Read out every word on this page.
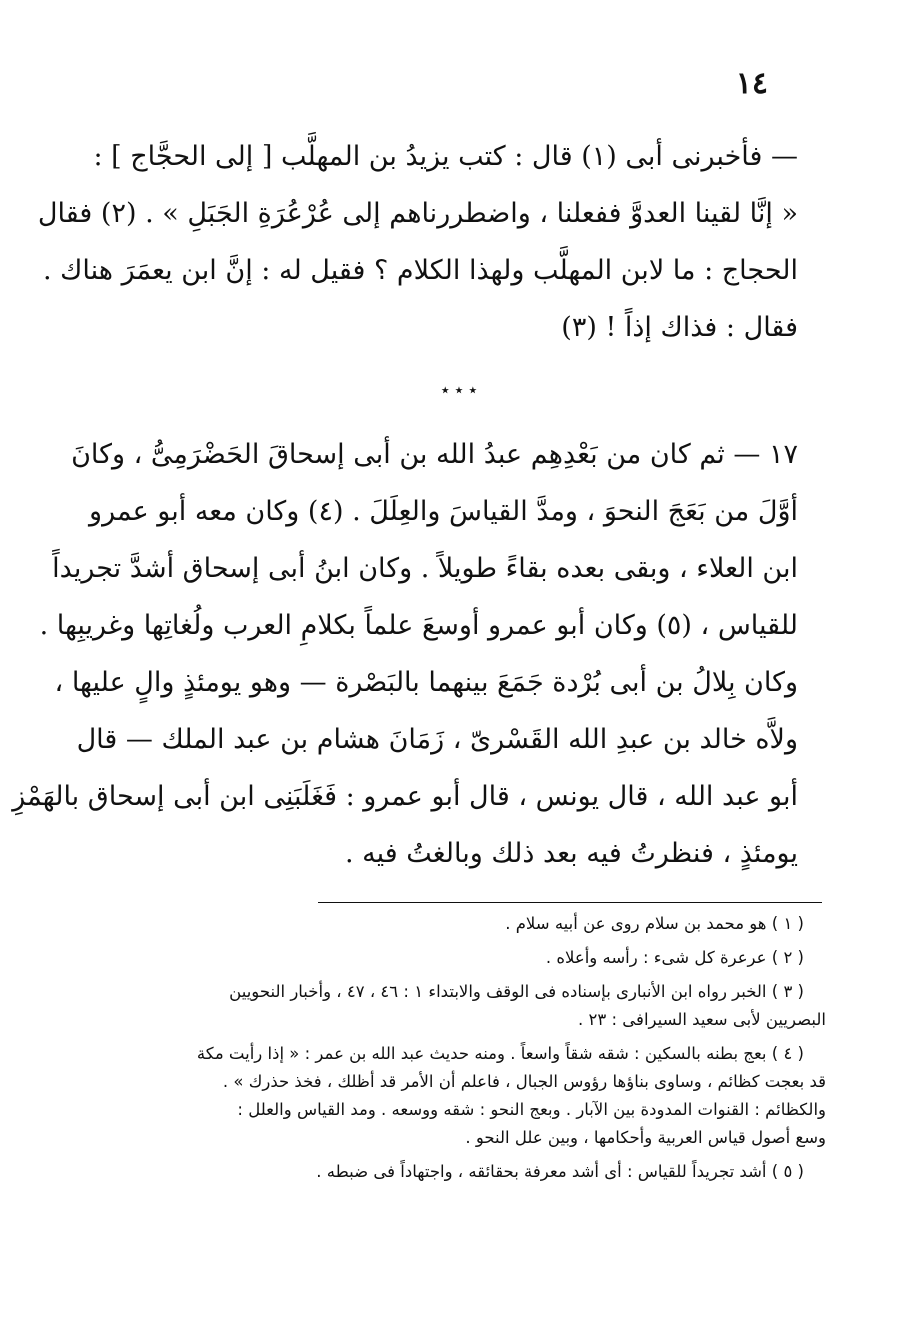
١٤
— فأخبرنى أبى (١) قال : كتب يزيدُ بن المهلَّب [ إلى الحجَّاج ] :
« إنَّا لقينا العدوَّ ففعلنا ، واضطررناهم إلى عُرْعُرَةِ الجَبَلِ » . (٢) فقال
الحجاج : ما لابن المهلَّب ولهذا الكلام ؟ فقيل له : إنَّ ابن يعمَرَ هناك .
فقال : فذاك إذاً ! (٣)
٭ ٭ ٭
١٧ — ثم كان من بَعْدِهِم عبدُ الله بن أبى إسحاقَ الحَضْرَمِىُّ ، وكانَ
أوَّلَ من بَعَجَ النحوَ ، ومدَّ القياسَ والعِلَلَ . (٤) وكان معه أبو عمرو
ابن العلاء ، وبقى بعده بقاءً طويلاً . وكان ابنُ أبى إسحاق أشدَّ تجريداً
للقياس ، (٥) وكان أبو عمرو أوسعَ علماً بكلامِ العرب ولُغاتِها وغريبِها .
وكان بِلالُ بن أبى بُرْدة جَمَعَ بينهما بالبَصْرة — وهو يومئذٍ والٍ عليها ،
ولاَّه خالد بن عبدِ الله القَسْرىّ ، زَمَانَ هشام بن عبد الملك — قال
أبو عبد الله ، قال يونس ، قال أبو عمرو : فَغَلَبَنِى ابن أبى إسحاق بالهَمْزِ
يومئذٍ ، فنظرتُ فيه بعد ذلك وبالغتُ فيه .
( ١ ) هو محمد بن سلام روى عن أبيه سلام .
( ٢ ) عرعرة كل شىء : رأسه وأعلاه .
( ٣ ) الخبر رواه ابن الأنبارى بإسناده فى الوقف والابتداء ١ : ٤٦ ، ٤٧ ، وأخبار النحويين
البصريين لأبى سعيد السيرافى : ٢٣ .
( ٤ ) بعج بطنه بالسكين : شقه شقاً واسعاً . ومنه حديث عبد الله بن عمر : « إذا رأيت مكة
قد بعجت كظائم ، وساوى بناؤها رؤوس الجبال ، فاعلم أن الأمر قد أظلك ، فخذ حذرك » .
والكظائم : القنوات المدودة بين الآبار . وبعج النحو : شقه ووسعه . ومد القياس والعلل :
وسع أصول قياس العربية وأحكامها ، وبين علل النحو .
( ٥ ) أشد تجريداً للقياس : أى أشد معرفة بحقائقه ، واجتهاداً فى ضبطه .
